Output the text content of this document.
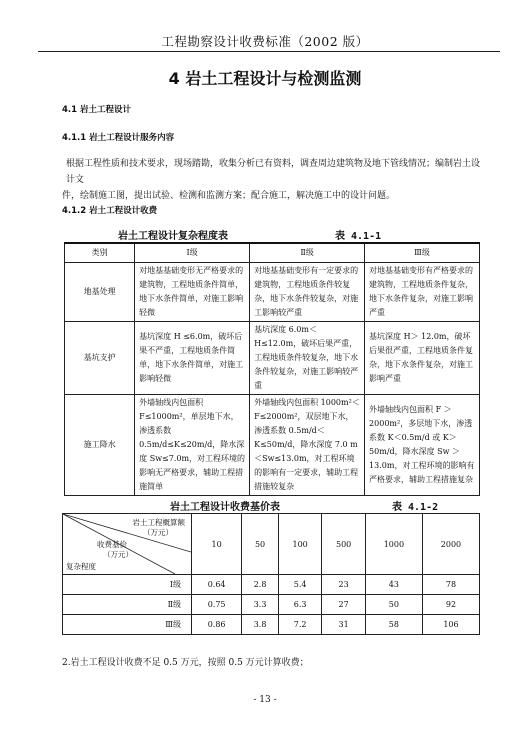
工程勘察设计收费标准（2002 版）
4 岩土工程设计与检测监测
4.1 岩土工程设计
4.1.1 岩土工程设计服务内容
根据工程性质和技术要求，现场踏勘，收集分析已有资料，调查周边建筑物及地下管线情况；编制岩土设计文
件，绘制施工图，提出试验、检测和监测方案；配合施工，解决施工中的设计问题。
4.1.2 岩土工程设计收费
岩土工程设计复杂程度表	表 4.1-1
类别	Ⅰ级	Ⅱ级	Ⅲ级
地基处理	对地基基础变形无严格要求的建筑物，工程地质条件简单，地下水条件简单，对施工影响轻微	对地基基础变形有一定要求的建筑物，工程地质条件较复杂，地下水条件较复杂，对施工影响较严重	对地基基础变形有严格要求的建筑物，工程地质条件复杂，地下水条件复杂，对施工影响严重
基坑支护	基坑深度 H ≤6.0m，破坏后果不严重，工程地质条件简单，地下水条件简单，对施工影响轻微	基坑深度 6.0m＜H≤12.0m，破坏后果严重，工程地质条件较复杂，地下水条件较复杂，对施工影响较严重	基坑深度 H＞ 12.0m，破坏后果很严重，工程地质条件复杂，地下水条件复杂，对施工影响严重
施工降水	外墙轴线内包面积 F≤1000m²，单层地下水，渗透系数 0.5m/d≤K≤20m/d，降水深度 Sw≤7.0m，对工程环境的影响无严格要求，辅助工程措施简单	外墙轴线内包面积 1000m²＜F≤2000m²，双层地下水，渗透系数 0.5m/d＜K≤50m/d，降水深度 7.0 m＜Sw≤13.0m，对工程环境的影响有一定要求，辅助工程措施较复杂	外墙轴线内包面积 F ＞2000m²，多层地下水，渗透系数 K＜0.5m/d 或 K＞ 50m/d，降水深度 Sw ＞ 13.0m，对工程环境的影响有严格要求，辅助工程措施复杂
岩土工程设计收费基价表	表 4.1-2
岩土工程概算额
（万元）
收费基价
（万元）
复杂程度	10	50	100	500	1000	2000
Ⅰ级	0.64	2.8	5.4	23	43	78
Ⅱ级	0.75	3.3	6.3	27	50	92
Ⅲ级	0.86	3.8	7.2	31	58	106
2.岩土工程设计收费不足 0.5 万元，按照 0.5 万元计算收费；
- 13 -
